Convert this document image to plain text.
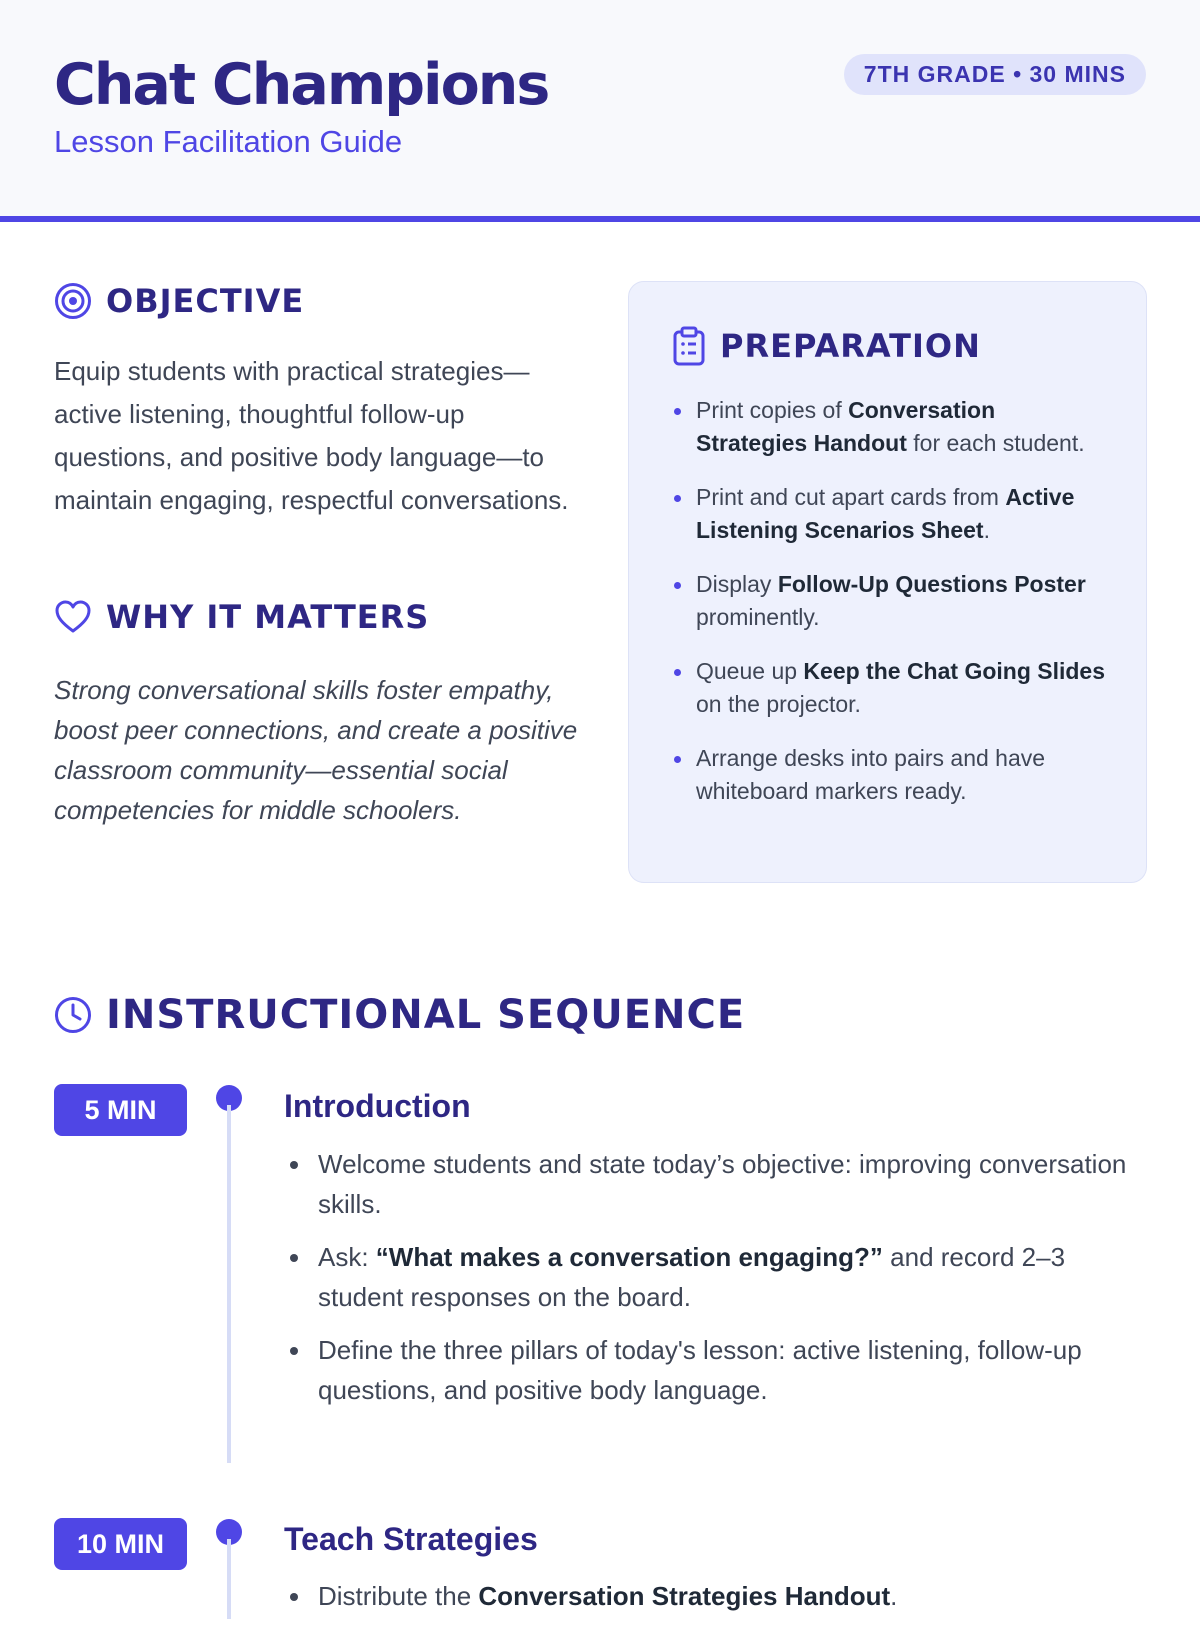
Chat Champions
Lesson Facilitation Guide
7TH GRADE • 30 MINS
OBJECTIVE

Equip students with practical strategies—active listening, thoughtful follow-up questions, and positive body language—to maintain engaging, respectful conversations.

WHY IT MATTERS

Strong conversational skills foster empathy, boost peer connections, and create a positive classroom community—essential social competencies for middle schoolers.

PREPARATION
Print copies of Conversation Strategies Handout for each student.
Print and cut apart cards from Active Listening Scenarios Sheet.
Display Follow-Up Questions Poster prominently.
Queue up Keep the Chat Going Slides on the projector.
Arrange desks into pairs and have whiteboard markers ready.
INSTRUCTIONAL SEQUENCE
5 MIN	Introduction
Welcome students and state today’s objective: improving conversation skills.
Ask: “What makes a conversation engaging?” and record 2–3 student responses on the board.
Define the three pillars of today's lesson: active listening, follow-up questions, and positive body language.
10 MIN	Teach Strategies
Distribute the Conversation Strategies Handout.
